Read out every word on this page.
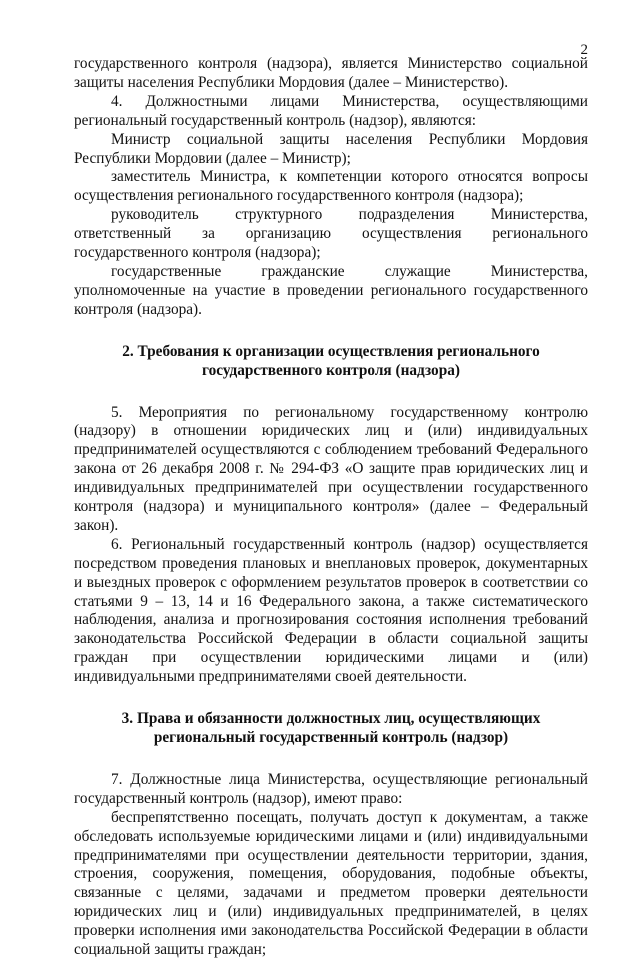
2

государственного контроля (надзора), является Министерство социальной защиты населения Республики Мордовия (далее – Министерство).

4. Должностными лицами Министерства, осуществляющими региональный государственный контроль (надзор), являются:

Министр социальной защиты населения Республики Мордовия Республики Мордовии (далее – Министр);

заместитель Министра, к компетенции которого относятся вопросы осуществления регионального государственного контроля (надзора);

руководитель структурного подразделения Министерства, ответственный за организацию осуществления регионального государственного контроля (надзора);

государственные гражданские служащие Министерства, уполномоченные на участие в проведении регионального государственного контроля (надзора).

2. Требования к организации осуществления регионального государственного контроля (надзора)

5. Мероприятия по региональному государственному контролю (надзору) в отношении юридических лиц и (или) индивидуальных предпринимателей осуществляются с соблюдением требований Федерального закона от 26 декабря 2008 г. № 294-ФЗ «О защите прав юридических лиц и индивидуальных предпринимателей при осуществлении государственного контроля (надзора) и муниципального контроля» (далее – Федеральный закон).

6. Региональный государственный контроль (надзор) осуществляется посредством проведения плановых и внеплановых проверок, документарных и выездных проверок с оформлением результатов проверок в соответствии со статьями 9 – 13, 14 и 16 Федерального закона, а также систематического наблюдения, анализа и прогнозирования состояния исполнения требований законодательства Российской Федерации в области социальной защиты граждан при осуществлении юридическими лицами и (или) индивидуальными предпринимателями своей деятельности.

3. Права и обязанности должностных лиц, осуществляющих региональный государственный контроль (надзор)

7. Должностные лица Министерства, осуществляющие региональный государственный контроль (надзор), имеют право:

беспрепятственно посещать, получать доступ к документам, а также обследовать используемые юридическими лицами и (или) индивидуальными предпринимателями при осуществлении деятельности территории, здания, строения, сооружения, помещения, оборудования, подобные объекты, связанные с целями, задачами и предметом проверки деятельности юридических лиц и (или) индивидуальных предпринимателей, в целях проверки исполнения ими законодательства Российской Федерации в области социальной защиты граждан;
